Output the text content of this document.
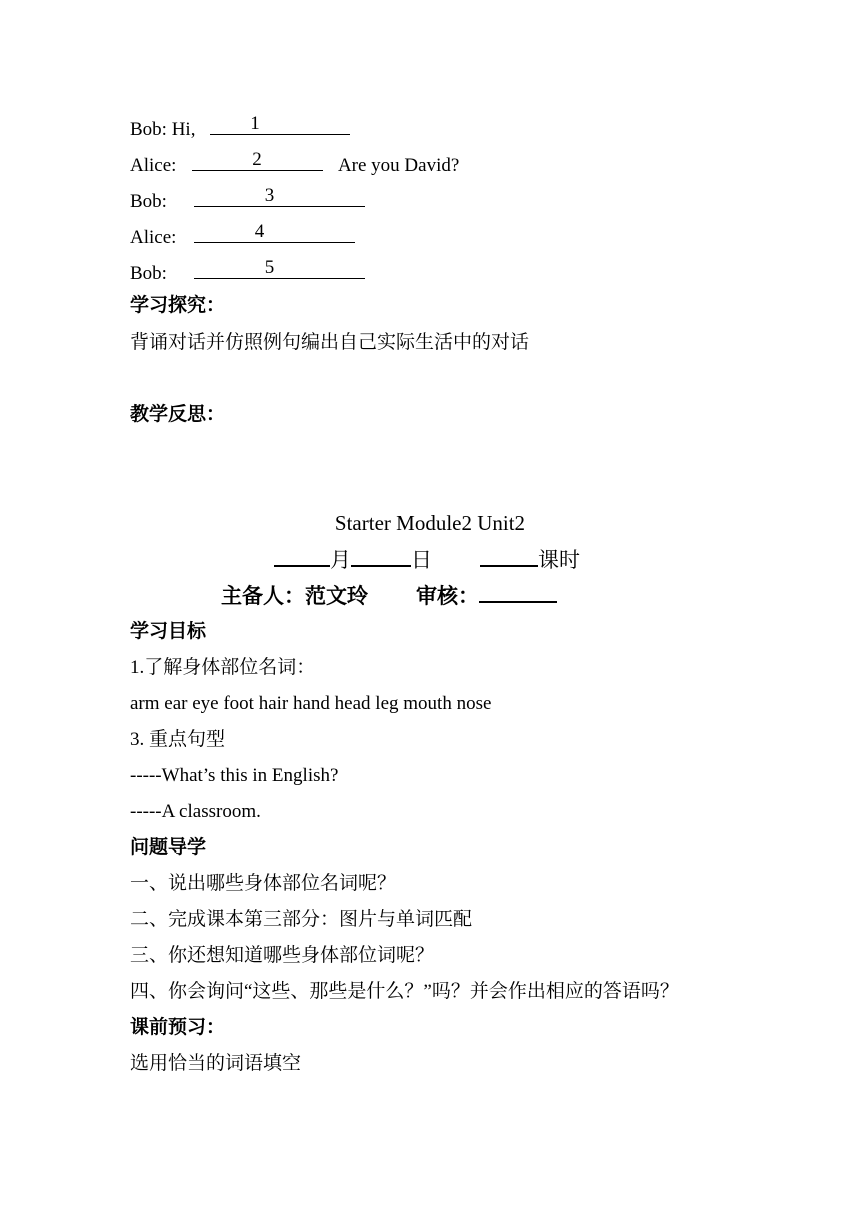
Bob: Hi,	1
Alice:	2	Are you David?
Bob:	3
Alice:	4
Bob:	5
学习探究：
背诵对话并仿照例句编出自己实际生活中的对话
教学反思：
Starter Module2 Unit2
月	日	课时
主备人：范文玲 审核：
学习目标
1.了解身体部位名词：
arm ear eye foot hair hand head leg mouth nose
3. 重点句型
-----What’s this in English?
-----A classroom.
问题导学
一、说出哪些身体部位名词呢？
二、完成课本第三部分：图片与单词匹配
三、你还想知道哪些身体部位词呢？
四、你会询问“这些、那些是什么？”吗？并会作出相应的答语吗？
课前预习：
选用恰当的词语填空
